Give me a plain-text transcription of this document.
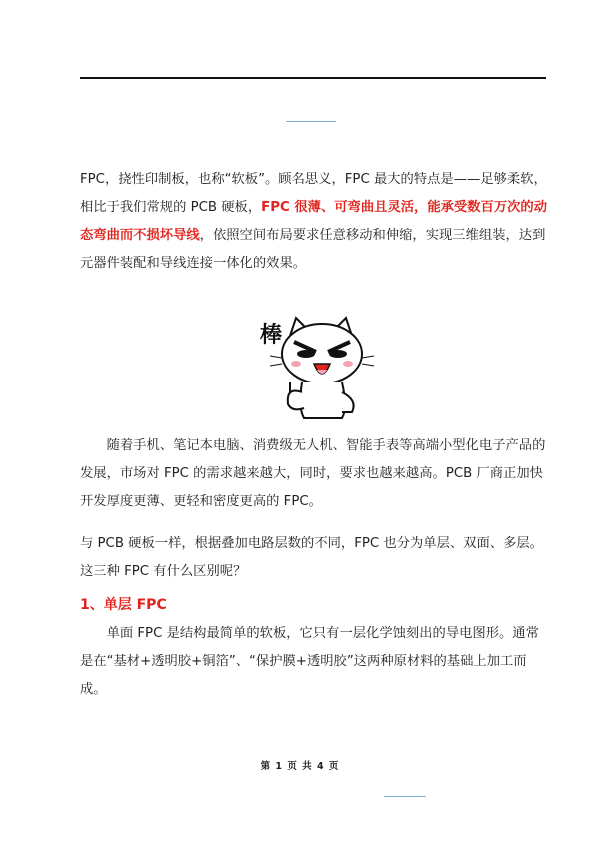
FPC，挠性印制板，也称“软板”。顾名思义，FPC 最大的特点是——足够柔软，相比于我们常规的 PCB 硬板，FPC 很薄、可弯曲且灵活，能承受数百万次的动态弯曲而不损坏导线，依照空间布局要求任意移动和伸缩，实现三维组装，达到元器件装配和导线连接一体化的效果。
棒
随着手机、笔记本电脑、消费级无人机、智能手表等高端小型化电子产品的发展，市场对 FPC 的需求越来越大，同时，要求也越来越高。PCB 厂商正加快开发厚度更薄、更轻和密度更高的 FPC。
与 PCB 硬板一样，根据叠加电路层数的不同，FPC 也分为单层、双面、多层。这三种 FPC 有什么区别呢？
1、单层 FPC
单面 FPC 是结构最简单的软板，它只有一层化学蚀刻出的导电图形。通常是在“基材+透明胶+铜箔”、“保护膜+透明胶”这两种原材料的基础上加工而成。
第 1 页 共 4 页
